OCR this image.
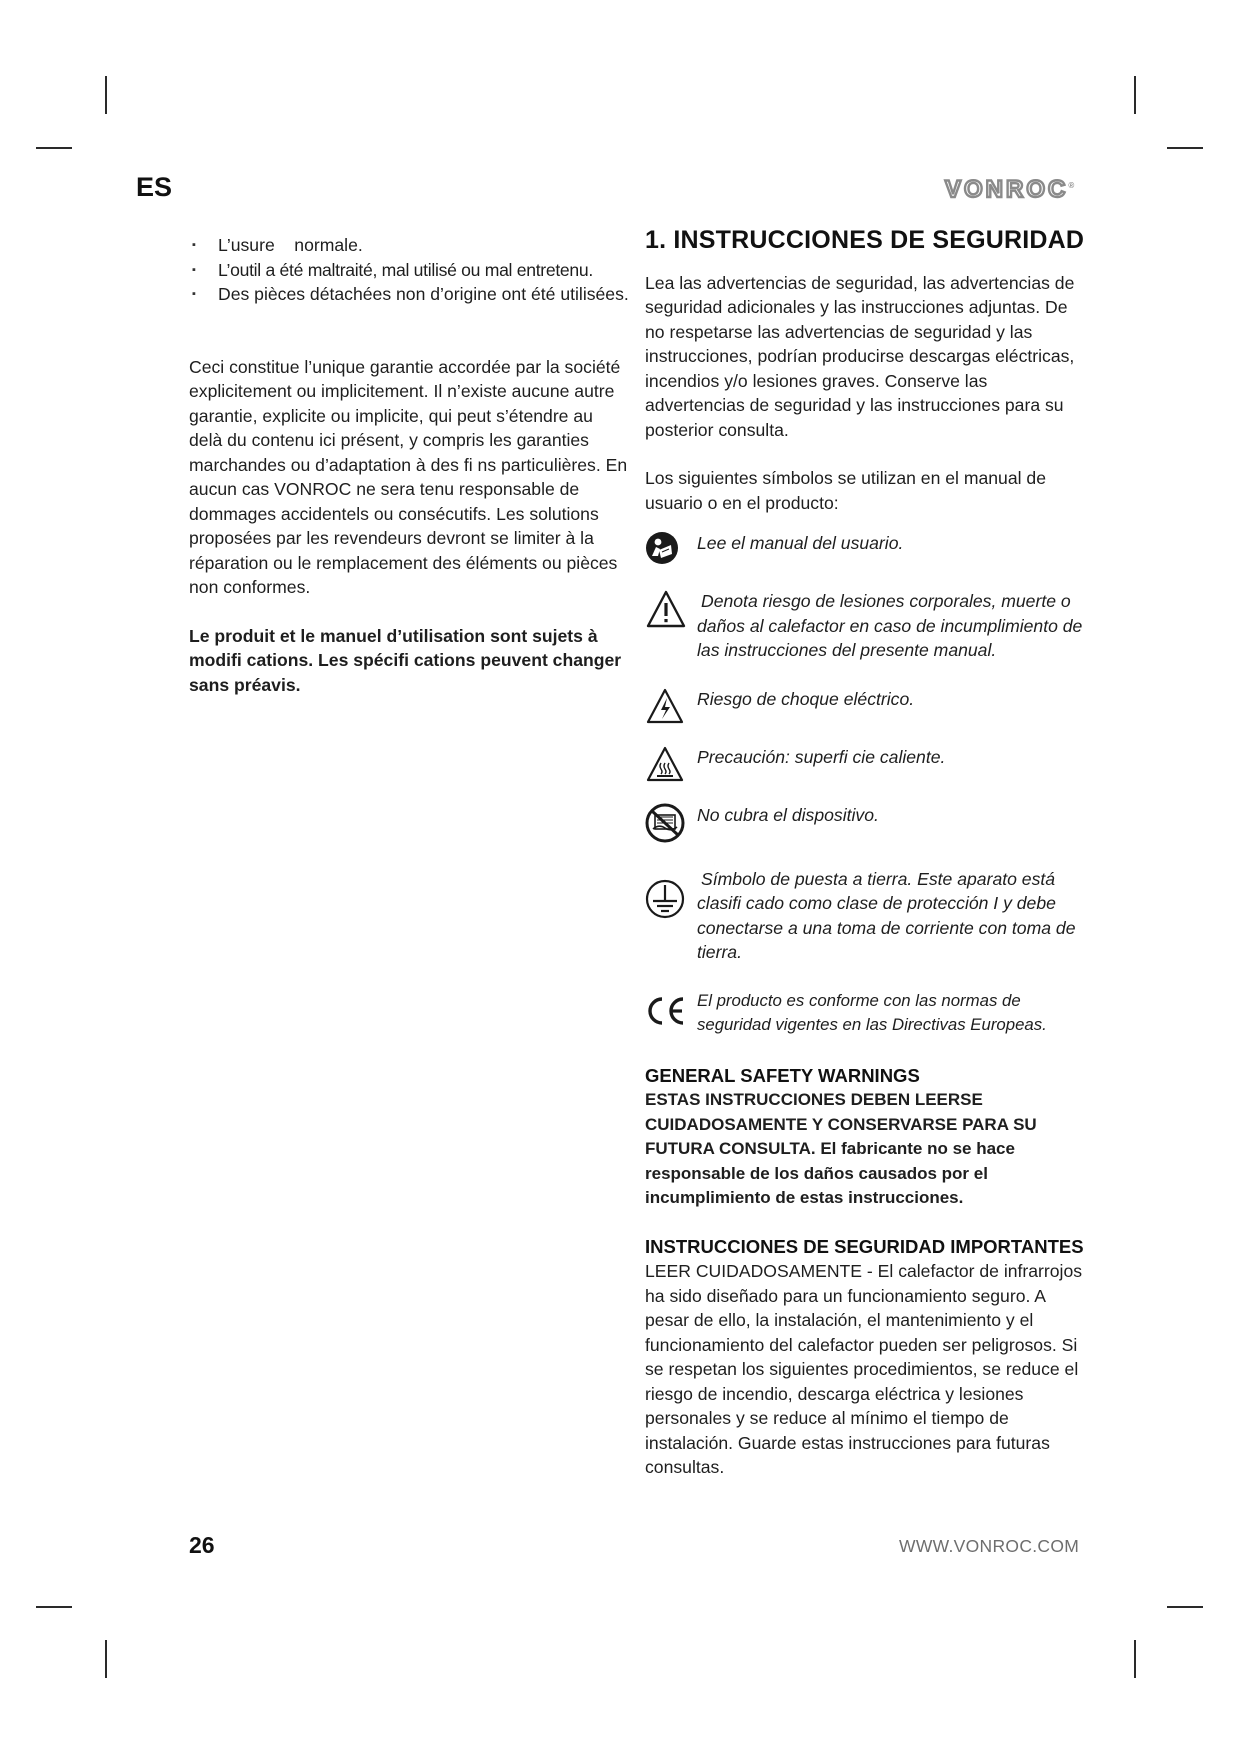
ES	VONROC®
▪ L’usure    normale.
▪ L’outil a été maltraité, mal utilisé ou mal entretenu.
▪ Des pièces détachées non d’origine ont été utilisées.

Ceci constitue l’unique garantie accordée par la société explicitement ou implicitement. Il n’existe aucune autre garantie, explicite ou implicite, qui peut s’étendre au delà du contenu ici présent, y compris les garanties marchandes ou d’adaptation à des fi ns particulières. En aucun cas VONROC ne sera tenu responsable de dommages accidentels ou consécutifs. Les solutions proposées par les revendeurs devront se limiter à la réparation ou le remplacement des éléments ou pièces non conformes.

Le produit et le manuel d’utilisation sont sujets à modifi cations. Les spécifi cations peuvent changer sans préavis.

1. INSTRUCCIONES DE SEGURIDAD

Lea las advertencias de seguridad, las advertencias de seguridad adicionales y las instrucciones adjuntas. De no respetarse las advertencias de seguridad y las instrucciones, podrían producirse descargas eléctricas, incendios y/o lesiones graves. Conserve las advertencias de seguridad y las instrucciones para su posterior consulta.

Los siguientes símbolos se utilizan en el manual de usuario o en el producto:

Lee el manual del usuario.
Denota riesgo de lesiones corporales, muerte o daños al calefactor en caso de incumplimiento de las instrucciones del presente manual.
Riesgo de choque eléctrico.
Precaución: superfi cie caliente.
No cubra el dispositivo.
Símbolo de puesta a tierra. Este aparato está clasifi cado como clase de protección I y debe conectarse a una toma de corriente con toma de tierra.
El producto es conforme con las normas de seguridad vigentes en las Directivas Europeas.
GENERAL SAFETY WARNINGS

ESTAS INSTRUCCIONES DEBEN LEERSE CUIDADOSAMENTE Y CONSERVARSE PARA SU FUTURA CONSULTA. El fabricante no se hace responsable de los daños causados por el incumplimiento de estas instrucciones.

INSTRUCCIONES DE SEGURIDAD IMPORTANTES

LEER CUIDADOSAMENTE - El calefactor de infrarrojos ha sido diseñado para un funcionamiento seguro. A pesar de ello, la instalación, el mantenimiento y el funcionamiento del calefactor pueden ser peligrosos. Si se respetan los siguientes procedimientos, se reduce el riesgo de incendio, descarga eléctrica y lesiones personales y se reduce al mínimo el tiempo de instalación. Guarde estas instrucciones para futuras consultas.

26	WWW.VONROC.COM
